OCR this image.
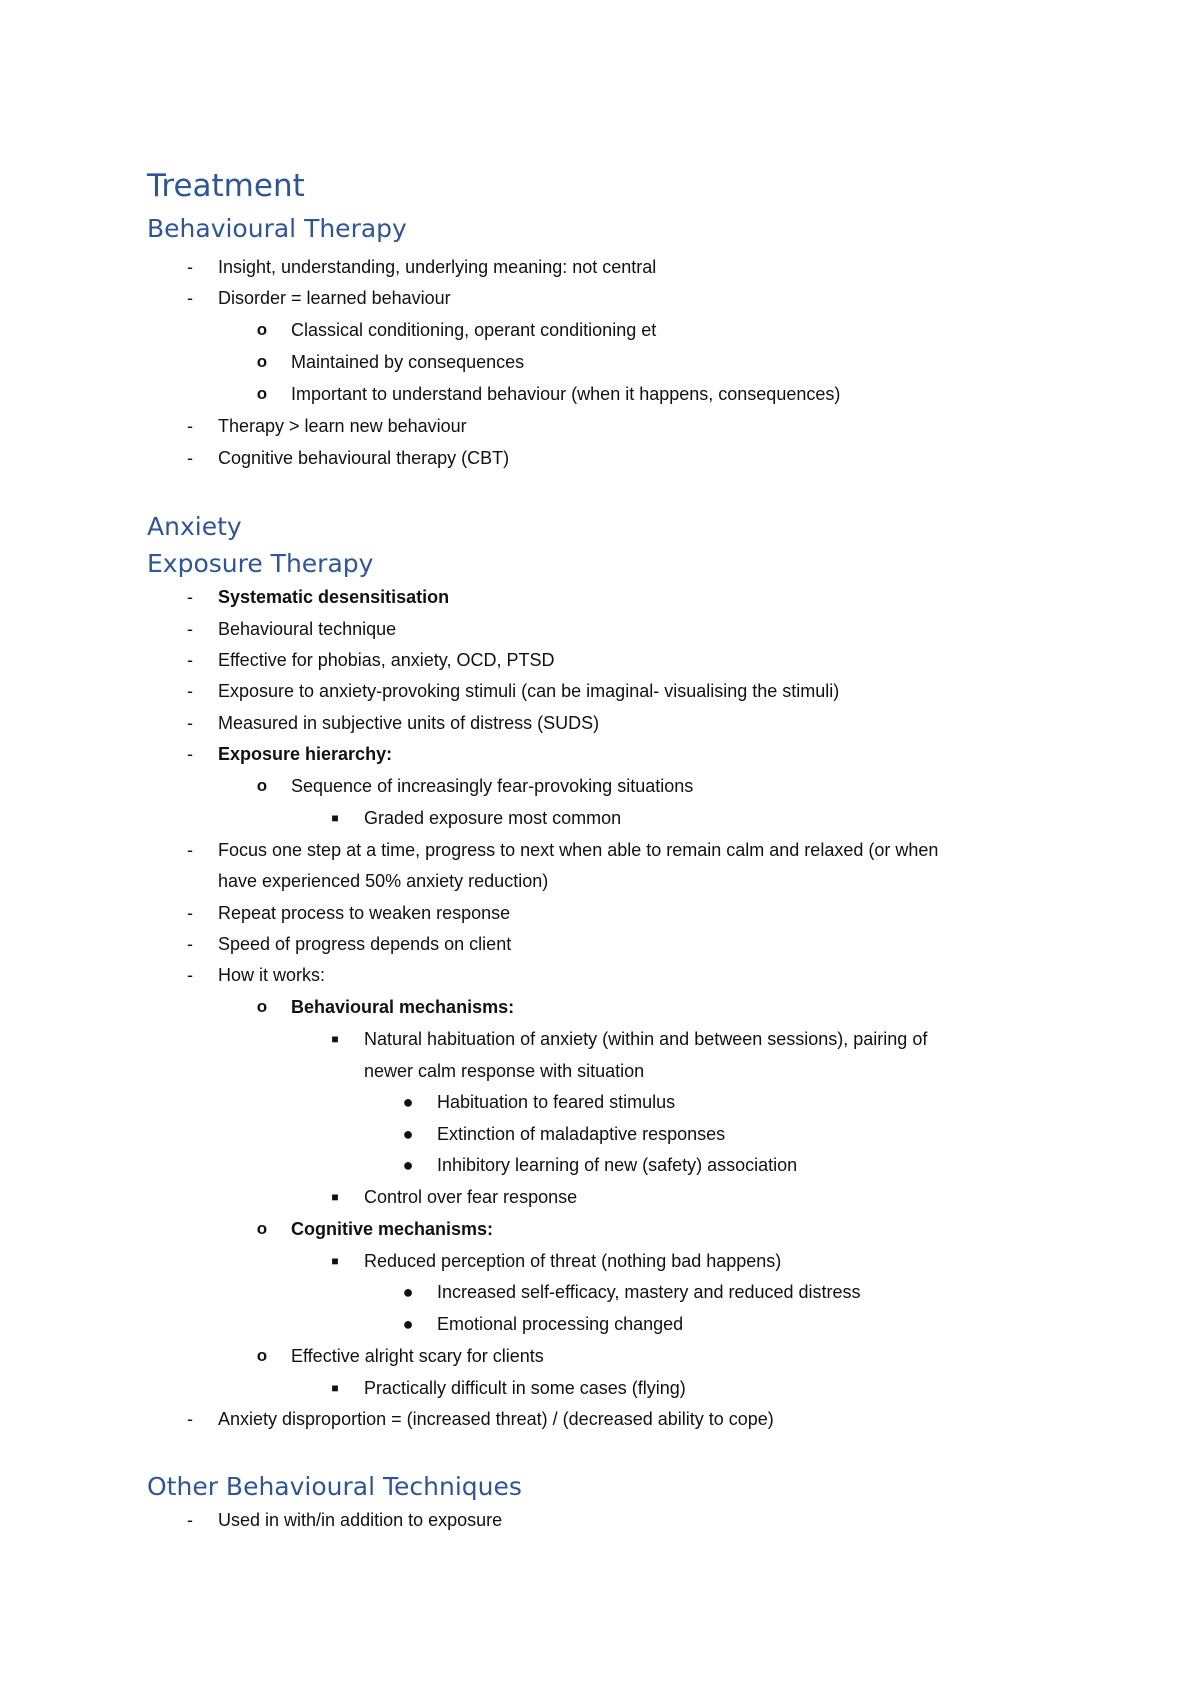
Treatment
Behavioural Therapy
-	Insight, understanding, underlying meaning: not central
-	Disorder = learned behaviour
o Classical conditioning, operant conditioning et
o Maintained by consequences
o Important to understand behaviour (when it happens, consequences)
-	Therapy > learn new behaviour
-	Cognitive behavioural therapy (CBT)
Anxiety
Exposure Therapy
-	Systematic desensitisation
-	Behavioural technique
-	Effective for phobias, anxiety, OCD, PTSD
-	Exposure to anxiety-provoking stimuli (can be imaginal- visualising the stimuli)
-	Measured in subjective units of distress (SUDS)
-	Exposure hierarchy:
o Sequence of increasingly fear-provoking situations
■	Graded exposure most common
-	Focus one step at a time, progress to next when able to remain calm and relaxed (or when
have experienced 50% anxiety reduction)
-	Repeat process to weaken response
-	Speed of progress depends on client
-	How it works:
o Behavioural mechanisms:
■	Natural habituation of anxiety (within and between sessions), pairing of
newer calm response with situation
● Habituation to feared stimulus
● Extinction of maladaptive responses
● Inhibitory learning of new (safety) association
■	Control over fear response
o Cognitive mechanisms:
■	Reduced perception of threat (nothing bad happens)
● Increased self-efficacy, mastery and reduced distress
● Emotional processing changed
o Effective alright scary for clients
■	Practically difficult in some cases (flying)
-	Anxiety disproportion = (increased threat) / (decreased ability to cope)
Other Behavioural Techniques
-	Used in with/in addition to exposure
